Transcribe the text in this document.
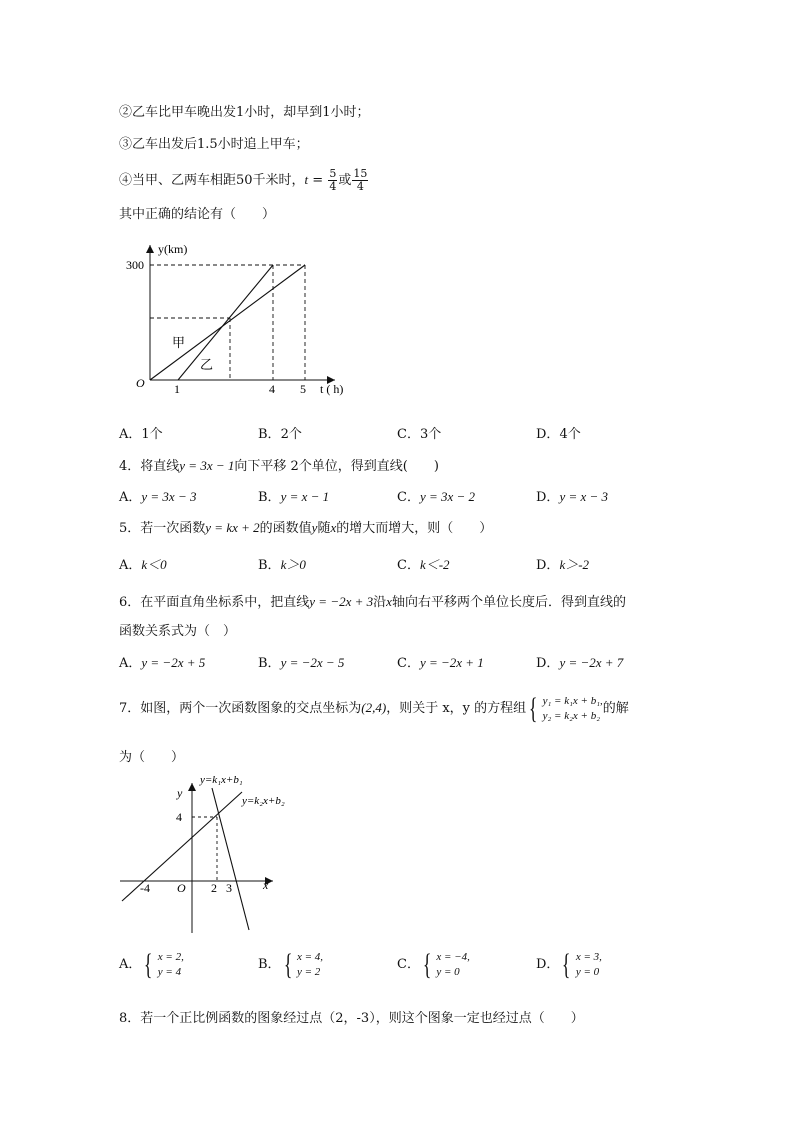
②乙车比甲车晚出发1小时，却早到1小时；
③乙车出发后1.5小时追上甲车；
④当甲、乙两车相距50千米时，$t = \frac{5}{4}$ 或 $\frac{15}{4}$
其中正确的结论有（　　）
y(km)
300
O 1	4 5 t ( h)
甲
乙
A．1个	B．2个	C．3个	D．4个
4．将直线y = 3x − 1向下平移 2个单位，得到直线(　　)
A．y = 3x − 3	B．y = x − 1	C．y = 3x − 2	D．y = x − 3
5．若一次函数y = kx + 2的函数值y随x的增大而增大，则（　　）
A．k＜0	B．k＞0	C．k＜-2	D．k＞-2
6．在平面直角坐标系中，把直线y = −2x + 3沿x轴向右平移两个单位长度后．得到直线的
函数关系式为（　）
A．y = −2x + 5	B．y = −2x − 5	C．y = −2x + 1	D．y = −2x + 7
7．如图，两个一次函数图象的交点坐标为(2,4)，则关于 x，y 的方程组 { y₁ = k₁x + b₁,
y₂ = k₂x + b₂ 的解
为（　　）
y=k₁x+b₁
y=k₂x+b₂
y
x
4
O
-4	2 3
A． { x = 2,
y = 4	B． { x = 4,
y = 2	C． { x = −4,
y = 0	D． { x = 3,
y = 0
8．若一个正比例函数的图象经过点（2，-3），则这个图象一定也经过点（　　）
